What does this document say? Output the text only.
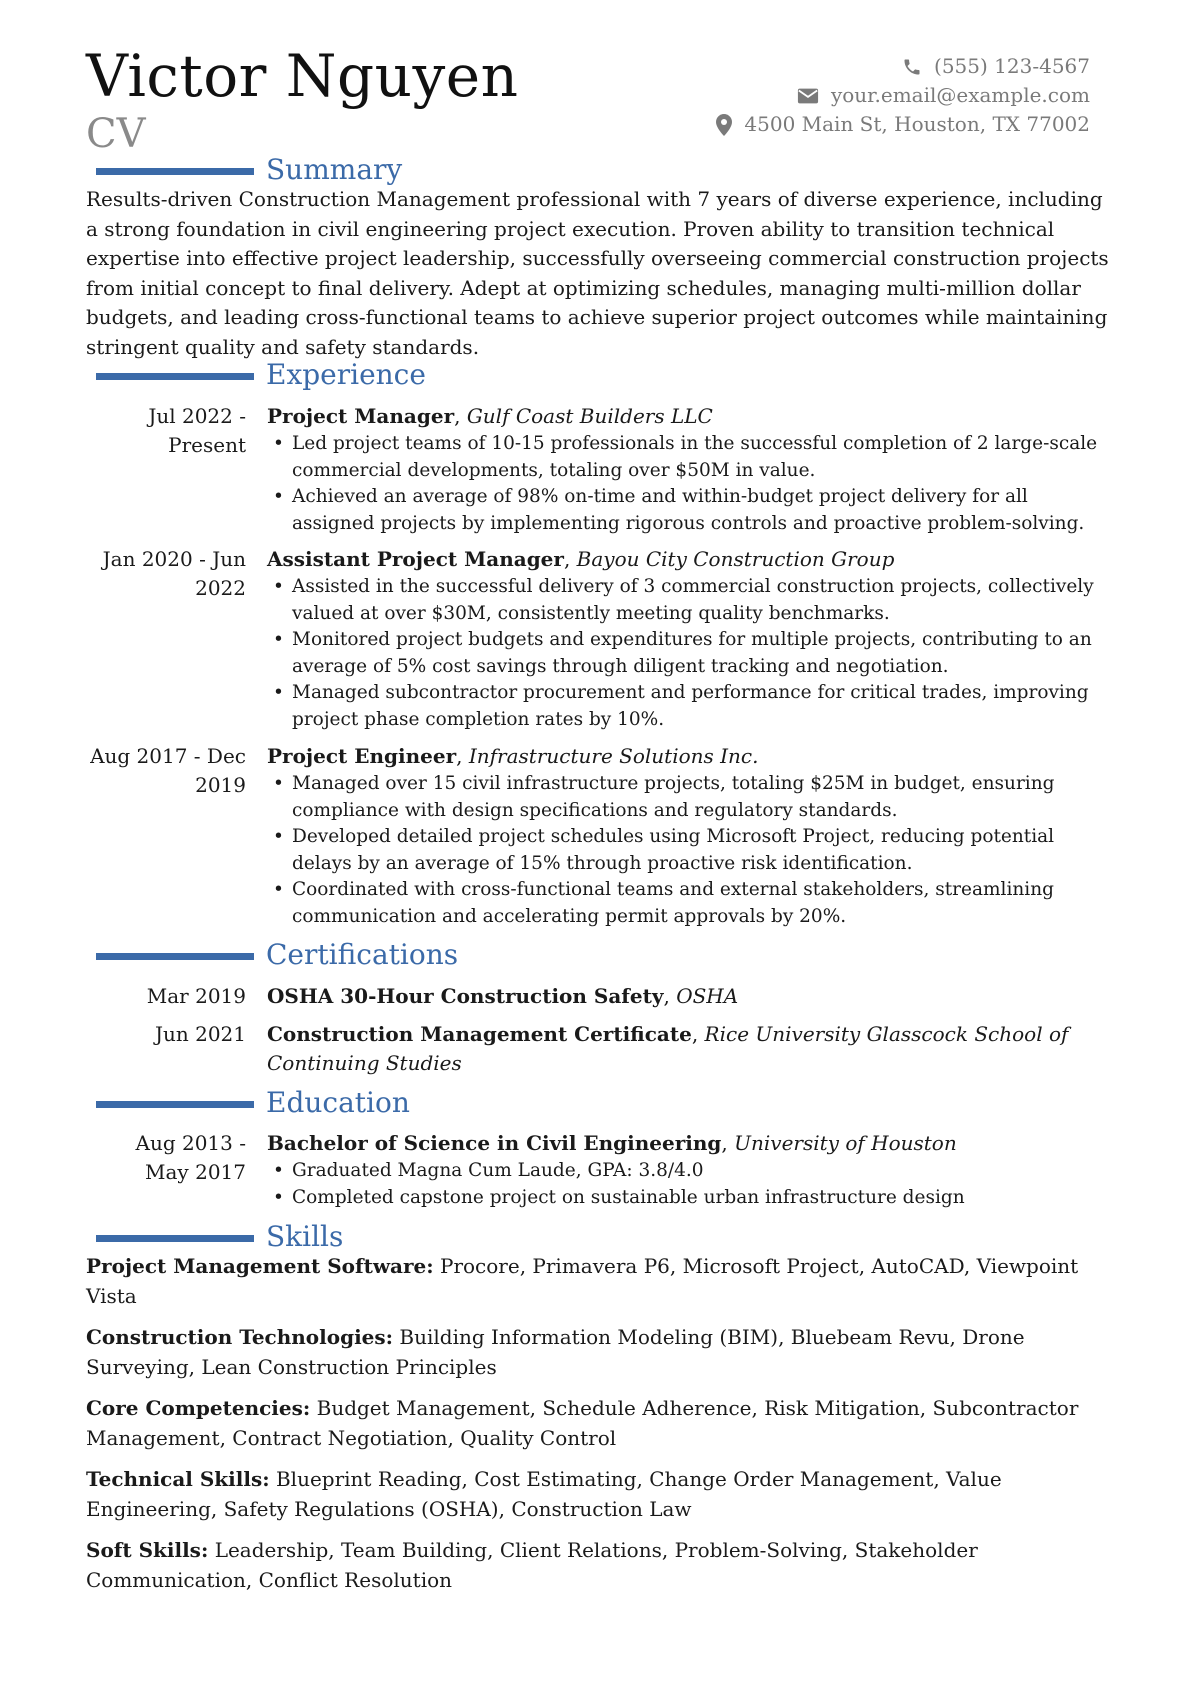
Victor Nguyen
CV
(555) 123-4567
your.email@example.com
4500 Main St, Houston, TX 77002
Summary
Results-driven Construction Management professional with 7 years of diverse experience, including a strong foundation in civil engineering project execution. Proven ability to transition technical expertise into effective project leadership, successfully overseeing commercial construction projects from initial concept to final delivery. Adept at optimizing schedules, managing multi-million dollar budgets, and leading cross-functional teams to achieve superior project outcomes while maintaining stringent quality and safety standards.
Experience
Jul 2022 - Present
Project Manager, Gulf Coast Builders LLC
• Led project teams of 10-15 professionals in the successful completion of 2 large-scale commercial developments, totaling over $50M in value.
• Achieved an average of 98% on-time and within-budget project delivery for all assigned projects by implementing rigorous controls and proactive problem-solving.
Jan 2020 - Jun 2022
Assistant Project Manager, Bayou City Construction Group
• Assisted in the successful delivery of 3 commercial construction projects, collectively valued at over $30M, consistently meeting quality benchmarks.
• Monitored project budgets and expenditures for multiple projects, contributing to an average of 5% cost savings through diligent tracking and negotiation.
• Managed subcontractor procurement and performance for critical trades, improving project phase completion rates by 10%.
Aug 2017 - Dec 2019
Project Engineer, Infrastructure Solutions Inc.
• Managed over 15 civil infrastructure projects, totaling $25M in budget, ensuring compliance with design specifications and regulatory standards.
• Developed detailed project schedules using Microsoft Project, reducing potential delays by an average of 15% through proactive risk identification.
• Coordinated with cross-functional teams and external stakeholders, streamlining communication and accelerating permit approvals by 20%.
Certifications
Mar 2019 OSHA 30-Hour Construction Safety, OSHA
Jun 2021 Construction Management Certificate, Rice University Glasscock School of Continuing Studies
Education
Aug 2013 - May 2017
Bachelor of Science in Civil Engineering, University of Houston
• Graduated Magna Cum Laude, GPA: 3.8/4.0
• Completed capstone project on sustainable urban infrastructure design
Skills
Project Management Software: Procore, Primavera P6, Microsoft Project, AutoCAD, Viewpoint Vista
Construction Technologies: Building Information Modeling (BIM), Bluebeam Revu, Drone Surveying, Lean Construction Principles
Core Competencies: Budget Management, Schedule Adherence, Risk Mitigation, Subcontractor Management, Contract Negotiation, Quality Control
Technical Skills: Blueprint Reading, Cost Estimating, Change Order Management, Value Engineering, Safety Regulations (OSHA), Construction Law
Soft Skills: Leadership, Team Building, Client Relations, Problem-Solving, Stakeholder Communication, Conflict Resolution
